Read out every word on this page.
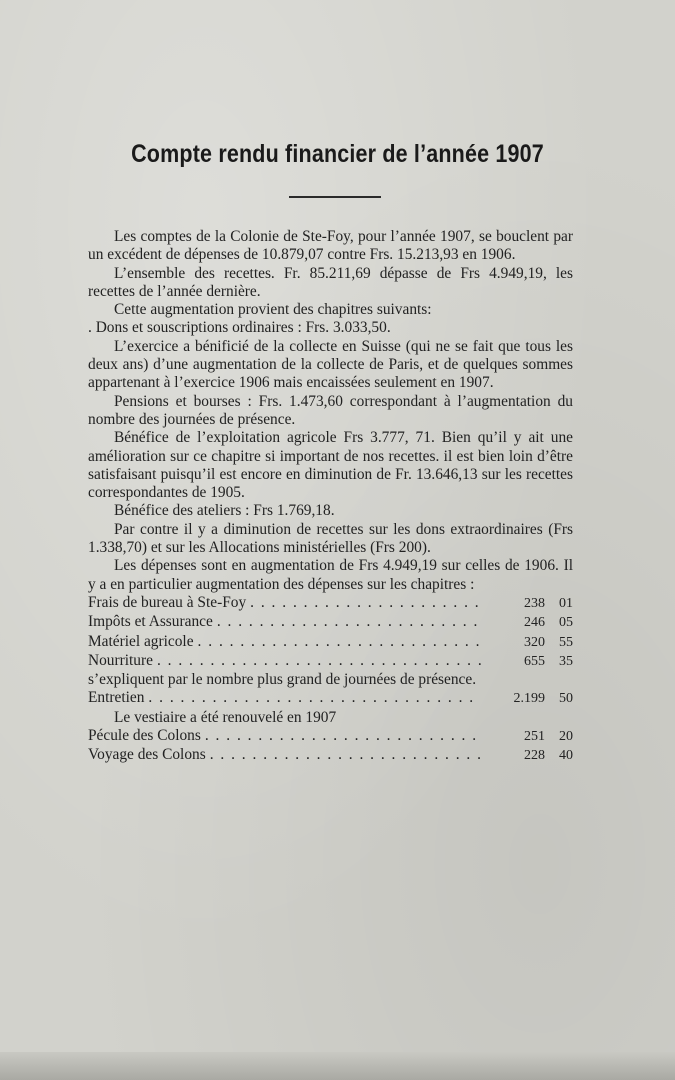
Compte rendu financier de l’année 1907

Les comptes de la Colonie de Ste-Foy, pour l’année 1907, se bouclent par un excédent de dépenses de 10.879,07 contre Frs. 15.213,93 en 1906.

L’ensemble des recettes. Fr. 85.211,69 dépasse de Frs 4.949,19, les recettes de l’année dernière.

Cette augmentation provient des chapitres suivants:

. Dons et souscriptions ordinaires : Frs. 3.033,50.

L’exercice a bénificié de la collecte en Suisse (qui ne se fait que tous les deux ans) d’une augmentation de la collecte de Paris, et de quelques sommes appartenant à l’exercice 1906 mais encaissées seulement en 1907.

Pensions et bourses : Frs. 1.473,60 correspondant à l’augmentation du nombre des journées de présence.

Bénéfice de l’exploitation agricole Frs 3.777, 71. Bien qu’il y ait une amélioration sur ce chapitre si important de nos recettes. il est bien loin d’être satisfaisant puisqu’il est encore en diminution de Fr. 13.646,13 sur les recettes correspondantes de 1905.

Bénéfice des ateliers : Frs 1.769,18.

Par contre il y a diminution de recettes sur les dons extraordinaires (Frs 1.338,70) et sur les Allocations ministérielles (Frs 200).

Les dépenses sont en augmentation de Frs 4.949,19 sur celles de 1906. Il y a en particulier augmentation des dépenses sur les chapitres :

Frais de bureau à Ste-Foy . . .	238	01
Impôts et Assurance . . .	246	05
Matériel agricole . . .	320	55
Nourriture . . .	655	35

s’expliquent par le nombre plus grand de journées de présence.

Entretien . . .	2.199	50

Le vestiaire a été renouvelé en 1907

Pécule des Colons . . .	251	20
Voyage des Colons . . .	228	40
